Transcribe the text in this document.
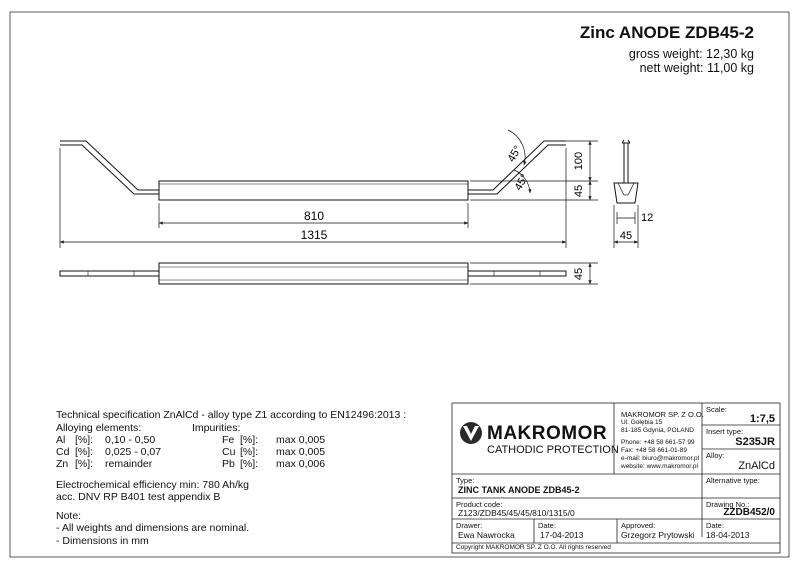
Zinc ANODE ZDB45-2
gross weight: 12,30 kg
nett weight: 11,00 kg
45°
45°
100
45
810
1315
45
12
45
Technical specification ZnAlCd - alloy type Z1 according to EN12496:2013 :
Alloying elements:	Impurities:
Al [%]: 0,10 - 0,50	Fe [%]: max 0,005
Cd [%]: 0,025 - 0,07	Cu [%]: max 0,005
Zn [%]: remainder	Pb [%]: max 0,006
Electrochemical efficiency min: 780 Ah/kg
acc. DNV RP B401 test appendix B
Note:
- All weights and dimensions are nominal.
- Dimensions in mm
MAKROMOR
CATHODIC PROTECTION
MAKROMOR SP. Z O.O.
Ul. Gołębia 15
81-185 Gdynia, POLAND
Phone: +48 58 661-57 99
Fax: +48 58 661-01-89
e-mail: biuro@makromor.pl
website: www.makromor.pl
Scale:
1:7,5
Insert type:
S235JR
Alloy:
ZnAlCd
Type:
ZINC TANK ANODE ZDB45-2
Alternative type:
Product code:
Z123/ZDB45/45/45/810/1315/0
Drawing No.:
ZZDB452/0
Drawer:
Ewa Nawrocka
Date:
17-04-2013
Approved:
Grzegorz Prytowski
Date:
18-04-2013
Copyright MAKROMOR SP. Z O.O. All rights reserved
